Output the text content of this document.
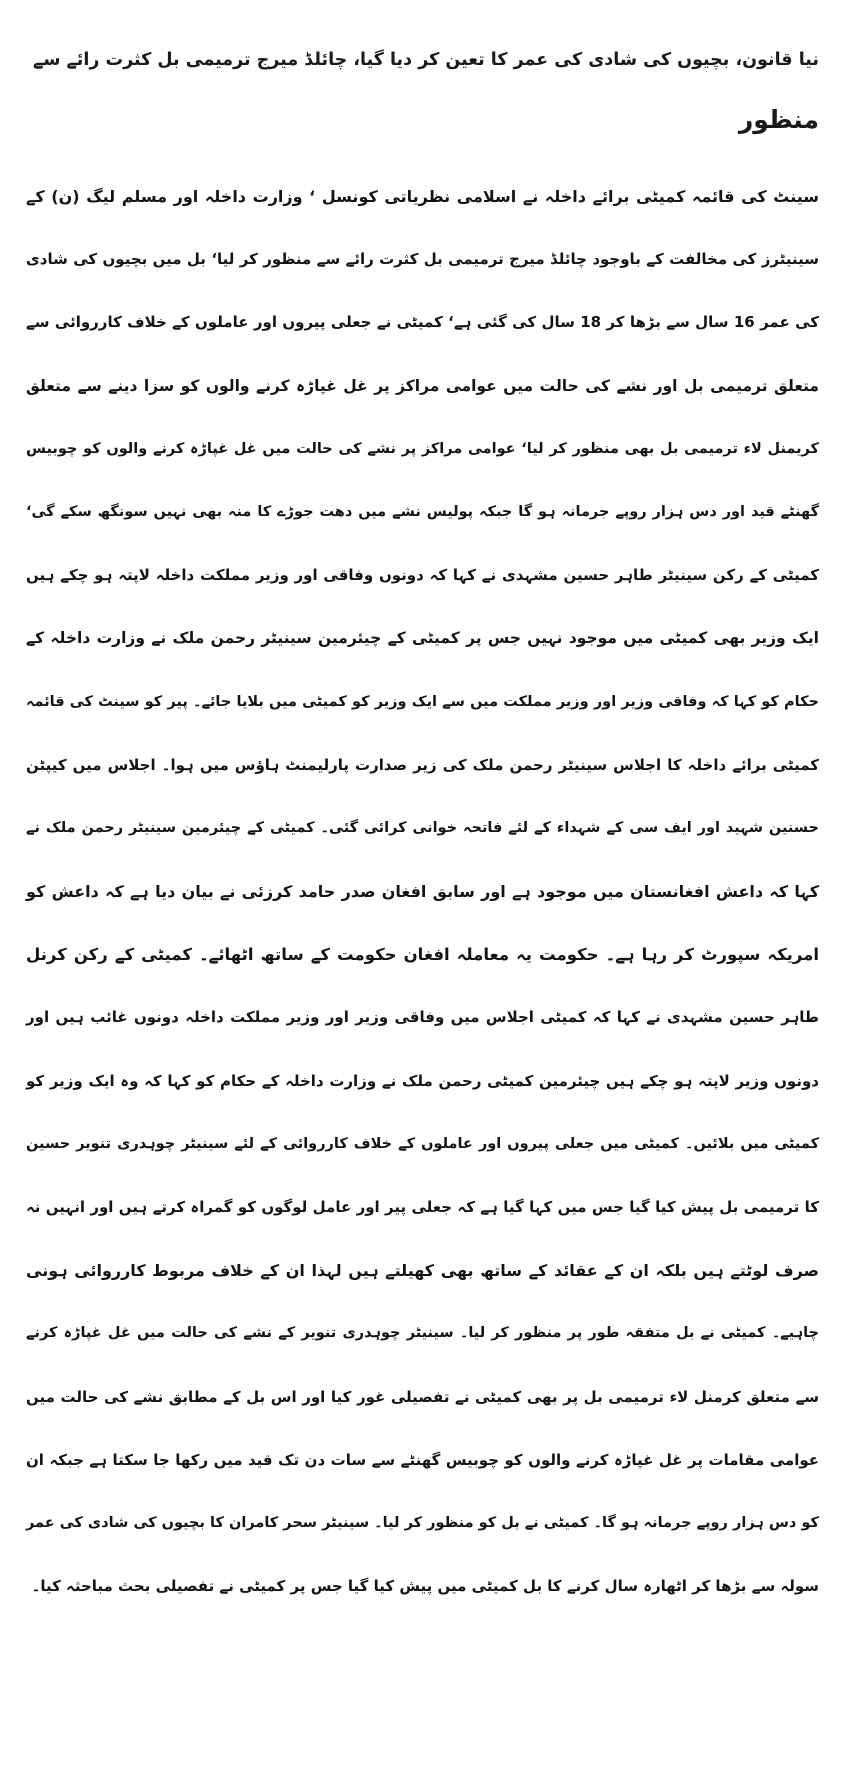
نیا قانون، بچیوں کی شادی کی عمر کا تعین کر دیا گیا، چائلڈ میرج ترمیمی بل کثرت رائے سے
منظور
سینٹ کی قائمہ کمیٹی برائے داخلہ نے اسلامی نظریاتی کونسل ‘ وزارت داخلہ اور مسلم لیگ (ن) کے
سینیٹرز کی مخالفت کے باوجود چائلڈ میرج ترمیمی بل کثرت رائے سے منظور کر لیا‘ بل میں بچیوں کی شادی
کی عمر 16 سال سے بڑھا کر 18 سال کی گئی ہے‘ کمیٹی نے جعلی پیروں اور عاملوں کے خلاف کارروائی سے
متعلق ترمیمی بل اور نشے کی حالت میں عوامی مراکز پر غل غپاڑہ کرنے والوں کو سزا دینے سے متعلق
کریمنل لاء ترمیمی بل بھی منظور کر لیا‘ عوامی مراکز پر نشے کی حالت میں غل غپاڑہ کرنے والوں کو چوبیس
گھنٹے قید اور دس ہزار روپے جرمانہ ہو گا جبکہ پولیس نشے میں دھت جوڑے کا منہ بھی نہیں سونگھ سکے گی‘
کمیٹی کے رکن سینیٹر طاہر حسین مشہدی نے کہا کہ دونوں وفاقی اور وزیر مملکت داخلہ لاپتہ ہو چکے ہیں
ایک وزیر بھی کمیٹی میں موجود نہیں جس پر کمیٹی کے چیئرمین سینیٹر رحمن ملک نے وزارت داخلہ کے
حکام کو کہا کہ وفاقی وزیر اور وزیر مملکت میں سے ایک وزیر کو کمیٹی میں بلایا جائے۔ پیر کو سینٹ کی قائمہ
کمیٹی برائے داخلہ کا اجلاس سینیٹر رحمن ملک کی زیر صدارت پارلیمنٹ ہاؤس میں ہوا۔ اجلاس میں کیپٹن
حسنین شہید اور ایف سی کے شہداء کے لئے فاتحہ خوانی کرائی گئی۔ کمیٹی کے چیئرمین سینیٹر رحمن ملک نے
کہا کہ داعش افغانستان میں موجود ہے اور سابق افغان صدر حامد کرزئی نے بیان دیا ہے کہ داعش کو
امریکہ سپورٹ کر رہا ہے۔ حکومت یہ معاملہ افغان حکومت کے ساتھ اٹھائے۔ کمیٹی کے رکن کرنل
طاہر حسین مشہدی نے کہا کہ کمیٹی اجلاس میں وفاقی وزیر اور وزیر مملکت داخلہ دونوں غائب ہیں اور
دونوں وزیر لاپتہ ہو چکے ہیں چیئرمین کمیٹی رحمن ملک نے وزارت داخلہ کے حکام کو کہا کہ وہ ایک وزیر کو
کمیٹی میں بلائیں۔ کمیٹی میں جعلی پیروں اور عاملوں کے خلاف کارروائی کے لئے سینیٹر چوہدری تنویر حسین
کا ترمیمی بل پیش کیا گیا جس میں کہا گیا ہے کہ جعلی پیر اور عامل لوگوں کو گمراہ کرتے ہیں اور انہیں نہ
صرف لوٹتے ہیں بلکہ ان کے عقائد کے ساتھ بھی کھیلتے ہیں لہذا ان کے خلاف مربوط کارروائی ہونی
چاہیے۔ کمیٹی نے بل متفقہ طور پر منظور کر لیا۔ سینیٹر چوہدری تنویر کے نشے کی حالت میں غل غپاڑہ کرنے
سے متعلق کرمنل لاء ترمیمی بل پر بھی کمیٹی نے تفصیلی غور کیا اور اس بل کے مطابق نشے کی حالت میں
عوامی مقامات پر غل غپاڑہ کرنے والوں کو چوبیس گھنٹے سے سات دن تک قید میں رکھا جا سکتا ہے جبکہ ان
کو دس ہزار روپے جرمانہ ہو گا۔ کمیٹی نے بل کو منظور کر لیا۔ سینیٹر سحر کامران کا بچیوں کی شادی کی عمر
سولہ سے بڑھا کر اٹھارہ سال کرنے کا بل کمیٹی میں پیش کیا گیا جس پر کمیٹی نے تفصیلی بحث مباحثہ کیا۔
